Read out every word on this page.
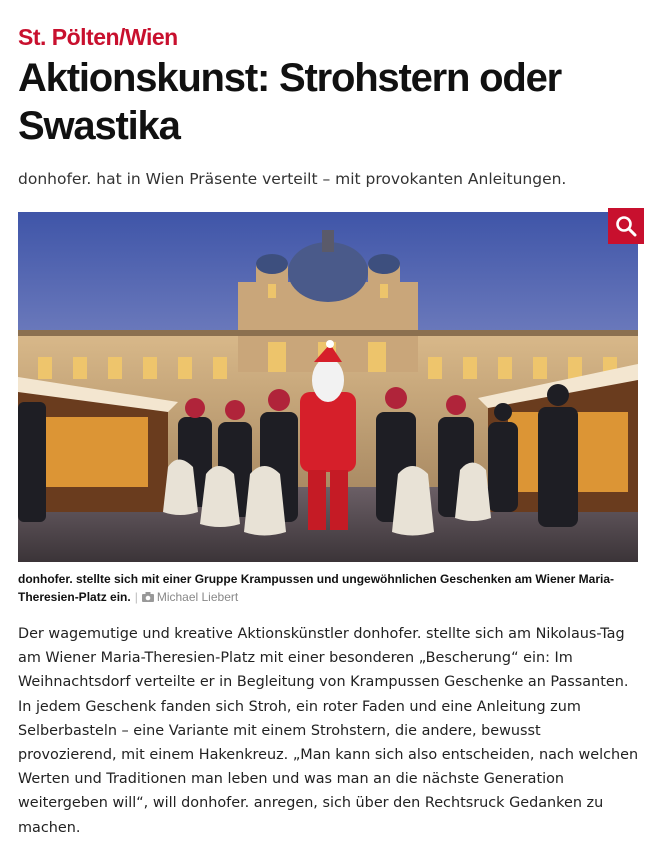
St. Pölten/Wien
Aktionskunst: Strohstern oder Swastika
donhofer. hat in Wien Präsente verteilt – mit provokanten Anleitungen.
donhofer. stellte sich mit einer Gruppe Krampussen und ungewöhnlichen Geschenken am Wiener Maria-Theresien-Platz ein. | Michael Liebert

Der wagemutige und kreative Aktionskünstler donhofer. stellte sich am Nikolaus-Tag am Wiener Maria-Theresien-Platz mit einer besonderen „Bescherung“ ein: Im Weihnachtsdorf verteilte er in Begleitung von Krampussen Geschenke an Passanten. In jedem Geschenk fanden sich Stroh, ein roter Faden und eine Anleitung zum Selberbasteln – eine Variante mit einem Strohstern, die andere, bewusst provozierend, mit einem Hakenkreuz. „Man kann sich also entscheiden, nach welchen Werten und Traditionen man leben und was man an die nächste Generation weitergeben will“, will donhofer. anregen, sich über den Rechtsruck Gedanken zu machen.
